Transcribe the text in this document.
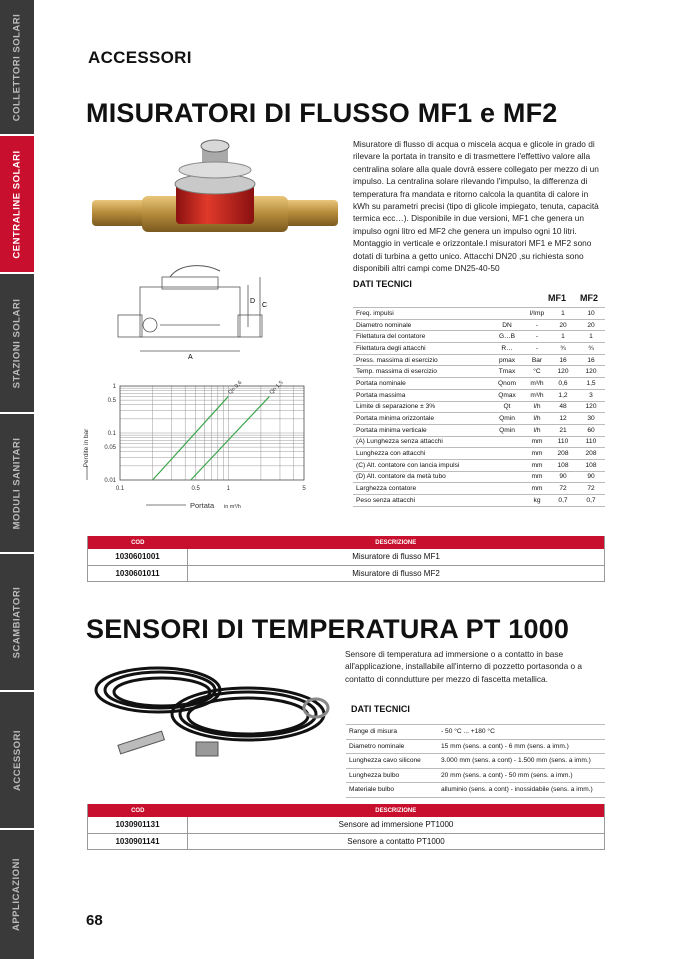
COLLETTORI SOLARI
CENTRALINE SOLARI
STAZIONI SOLARI
MODULI SANITARI
SCAMBIATORI
ACCESSORI
APPLICAZIONI
ACCESSORI
MISURATORI DI FLUSSO MF1 e MF2
A
D
C
0.1	0.5	1	5
1
0.5
0.1
0.05
0.01
Qn 0,6	Qn 1,5
Portata in m³/h
Perdite in bar
Misuratore di flusso di acqua o miscela acqua e glicole in grado di rilevare la portata in transito e di trasmettere l'effettivo valore alla centralina solare alla quale dovrà essere collegato per mezzo di un impulso. La centralina solare rilevando l'impulso, la differenza di temperatura fra mandata e ritorno calcola la quantita di calore in kWh su parametri precisi (tipo di glicole impiegato, tenuta, capacità termica ecc…). Disponibile in due versioni, MF1 che genera un impulso ogni litro ed MF2 che genera un impulso ogni 10 litri. Montaggio in verticale e orizzontale.I misuratori MF1 e MF2 sono dotati di turbina a getto unico. Attacchi DN20 ,su richiesta sono disponibili altri campi come DN25-40-50
DATI TECNICI
MF1	MF2
Freq. impulsi		l/Imp	1	10
Diametro nominale	DN	-	20	20
Filettatura del contatore	G…B	-	1	1
Filettatura degli attacchi	R…	-	¾	¾
Press. massima di esercizio	pmax	Bar	16	16
Temp. massima di esercizio	Tmax	°C	120	120
Portata nominale	Qnom	m³/h	0,6	1,5
Portata massima	Qmax	m³/h	1,2	3
Limite di separazione ± 3%	Qt	l/h	48	120
Portata minima orizzontale	Qmin	l/h	12	30
Portata minima verticale	Qmin	l/h	21	60
(A) Lunghezza senza attacchi		mm	110	110
Lunghezza con attacchi		mm	208	208
(C) Alt. contatore con lancia impulsi		mm	108	108
(D) Alt. contatore da metà tubo		mm	90	90
Larghezza contatore		mm	72	72
Peso senza attacchi		kg	0,7	0,7
COD	DESCRIZIONE
1030601001	Misuratore di flusso MF1
1030601011	Misuratore di flusso MF2
SENSORI DI TEMPERATURA PT 1000
Sensore di temperatura ad immersione o a contatto in base all'applicazione, installabile all'interno di pozzetto portasonda o a contatto di conndutture per mezzo di fascetta metallica.
DATI TECNICI
Range di misura	- 50 °C ... +180 °C
Diametro nominale	15 mm (sens. a cont) - 6 mm (sens. a imm.)
Lunghezza cavo silicone	3.000 mm (sens. a cont) - 1.500 mm (sens. a imm.)
Lunghezza bulbo	20 mm (sens. a cont) - 50 mm (sens. a imm.)
Materiale bulbo	alluminio (sens. a cont) - inossidabile (sens. a imm.)
COD	DESCRIZIONE
1030901131	Sensore ad immersione PT1000
1030901141	Sensore a contatto PT1000
68
